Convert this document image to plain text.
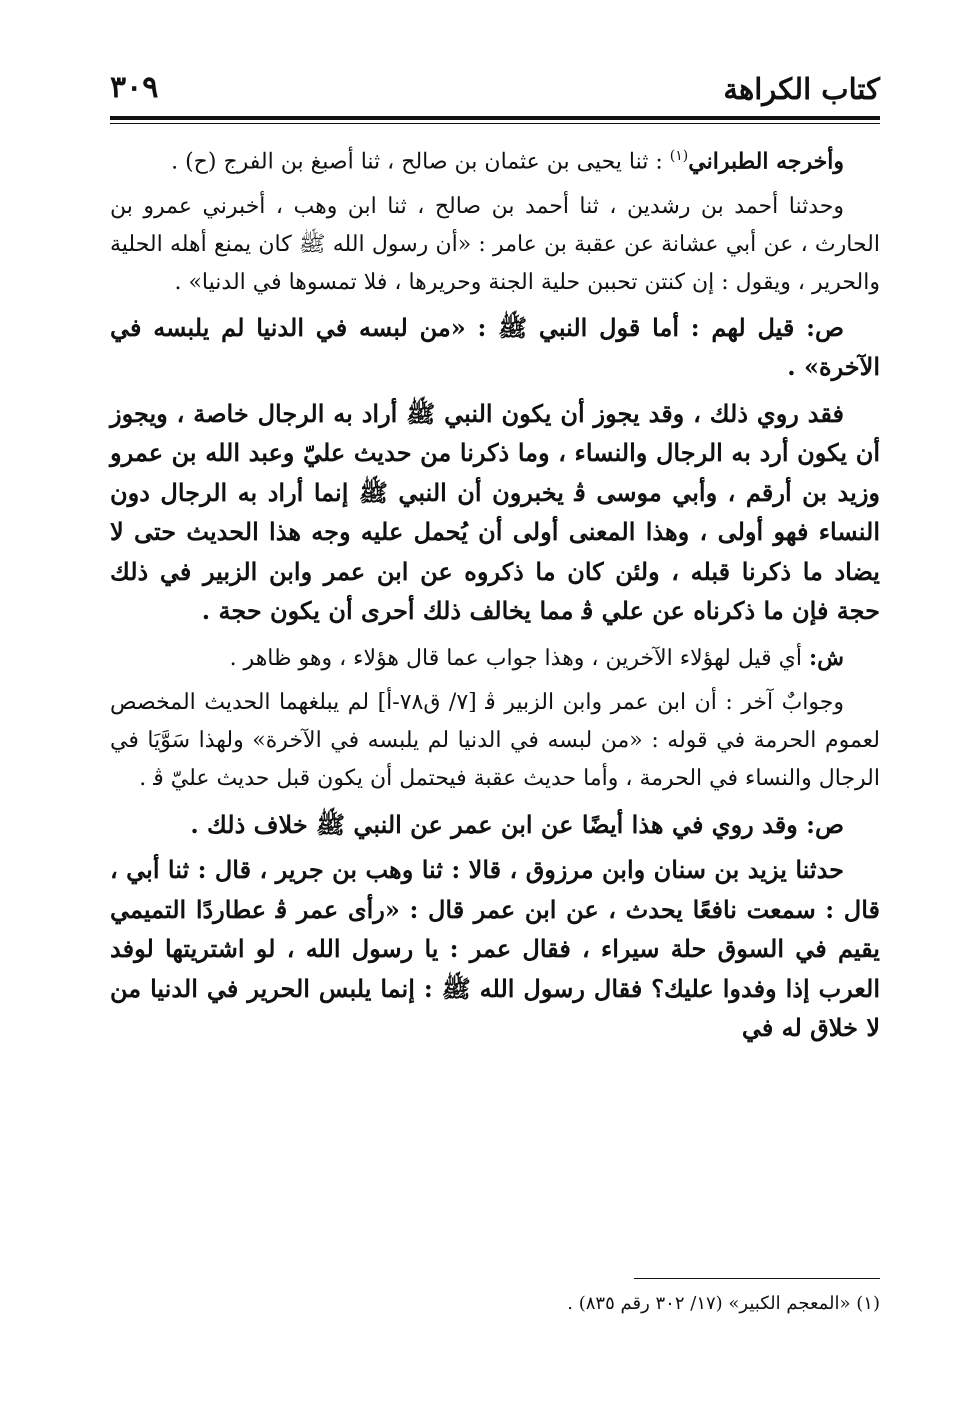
كتاب الكراهة
٣٠٩

وأخرجه الطبراني$^{(١)}$ : ثنا يحيى بن عثمان بن صالح ، ثنا أصبغ بن الفرج (ح) .

وحدثنا أحمد بن رشدين ، ثنا أحمد بن صالح ، ثنا ابن وهب ، أخبرني عمرو بن الحارث ، عن أبي عشانة عن عقبة بن عامر : «أن رسول الله ﷺ كان يمنع أهله الحلية والحرير ، ويقول : إن كنتن تحببن حلية الجنة وحريرها ، فلا تمسوها في الدنيا» .

ص: قيل لهم : أما قول النبي ﷺ : «من لبسه في الدنيا لم يلبسه في الآخرة» .

فقد روي ذلك ، وقد يجوز أن يكون النبي ﷺ أراد به الرجال خاصة ، ويجوز أن يكون أرد به الرجال والنساء ، وما ذكرنا من حديث عليّ وعبد الله بن عمرو وزيد بن أرقم ، وأبي موسى ﭬ يخبرون أن النبي ﷺ إنما أراد به الرجال دون النساء فهو أولى ، وهذا المعنى أولى أن يُحمل عليه وجه هذا الحديث حتى لا يضاد ما ذكرنا قبله ، ولئن كان ما ذكروه عن ابن عمر وابن الزبير في ذلك حجة فإن ما ذكرناه عن علي ﭬ مما يخالف ذلك أحرى أن يكون حجة .

ش: أي قيل لهؤلاء الآخرين ، وهذا جواب عما قال هؤلاء ، وهو ظاهر .

وجوابٌ آخر : أن ابن عمر وابن الزبير ﭬ [٧/ ق٧٨-أ] لم يبلغهما الحديث المخصص لعموم الحرمة في قوله : «من لبسه في الدنيا لم يلبسه في الآخرة» ولهذا سَوَّيَا في الرجال والنساء في الحرمة ، وأما حديث عقبة فيحتمل أن يكون قبل حديث عليّ ﭬ .

ص: وقد روي في هذا أيضًا عن ابن عمر عن النبي ﷺ خلاف ذلك .

حدثنا يزيد بن سنان وابن مرزوق ، قالا : ثنا وهب بن جرير ، قال : ثنا أبي ، قال : سمعت نافعًا يحدث ، عن ابن عمر قال : «رأى عمر ﭬ عطاردًا التميمي يقيم في السوق حلة سيراء ، فقال عمر : يا رسول الله ، لو اشتريتها لوفد العرب إذا وفدوا عليك؟ فقال رسول الله ﷺ : إنما يلبس الحرير في الدنيا من لا خلاق له في

(١) «المعجم الكبير» (١٧/ ٣٠٢ رقم ٨٣٥) .
